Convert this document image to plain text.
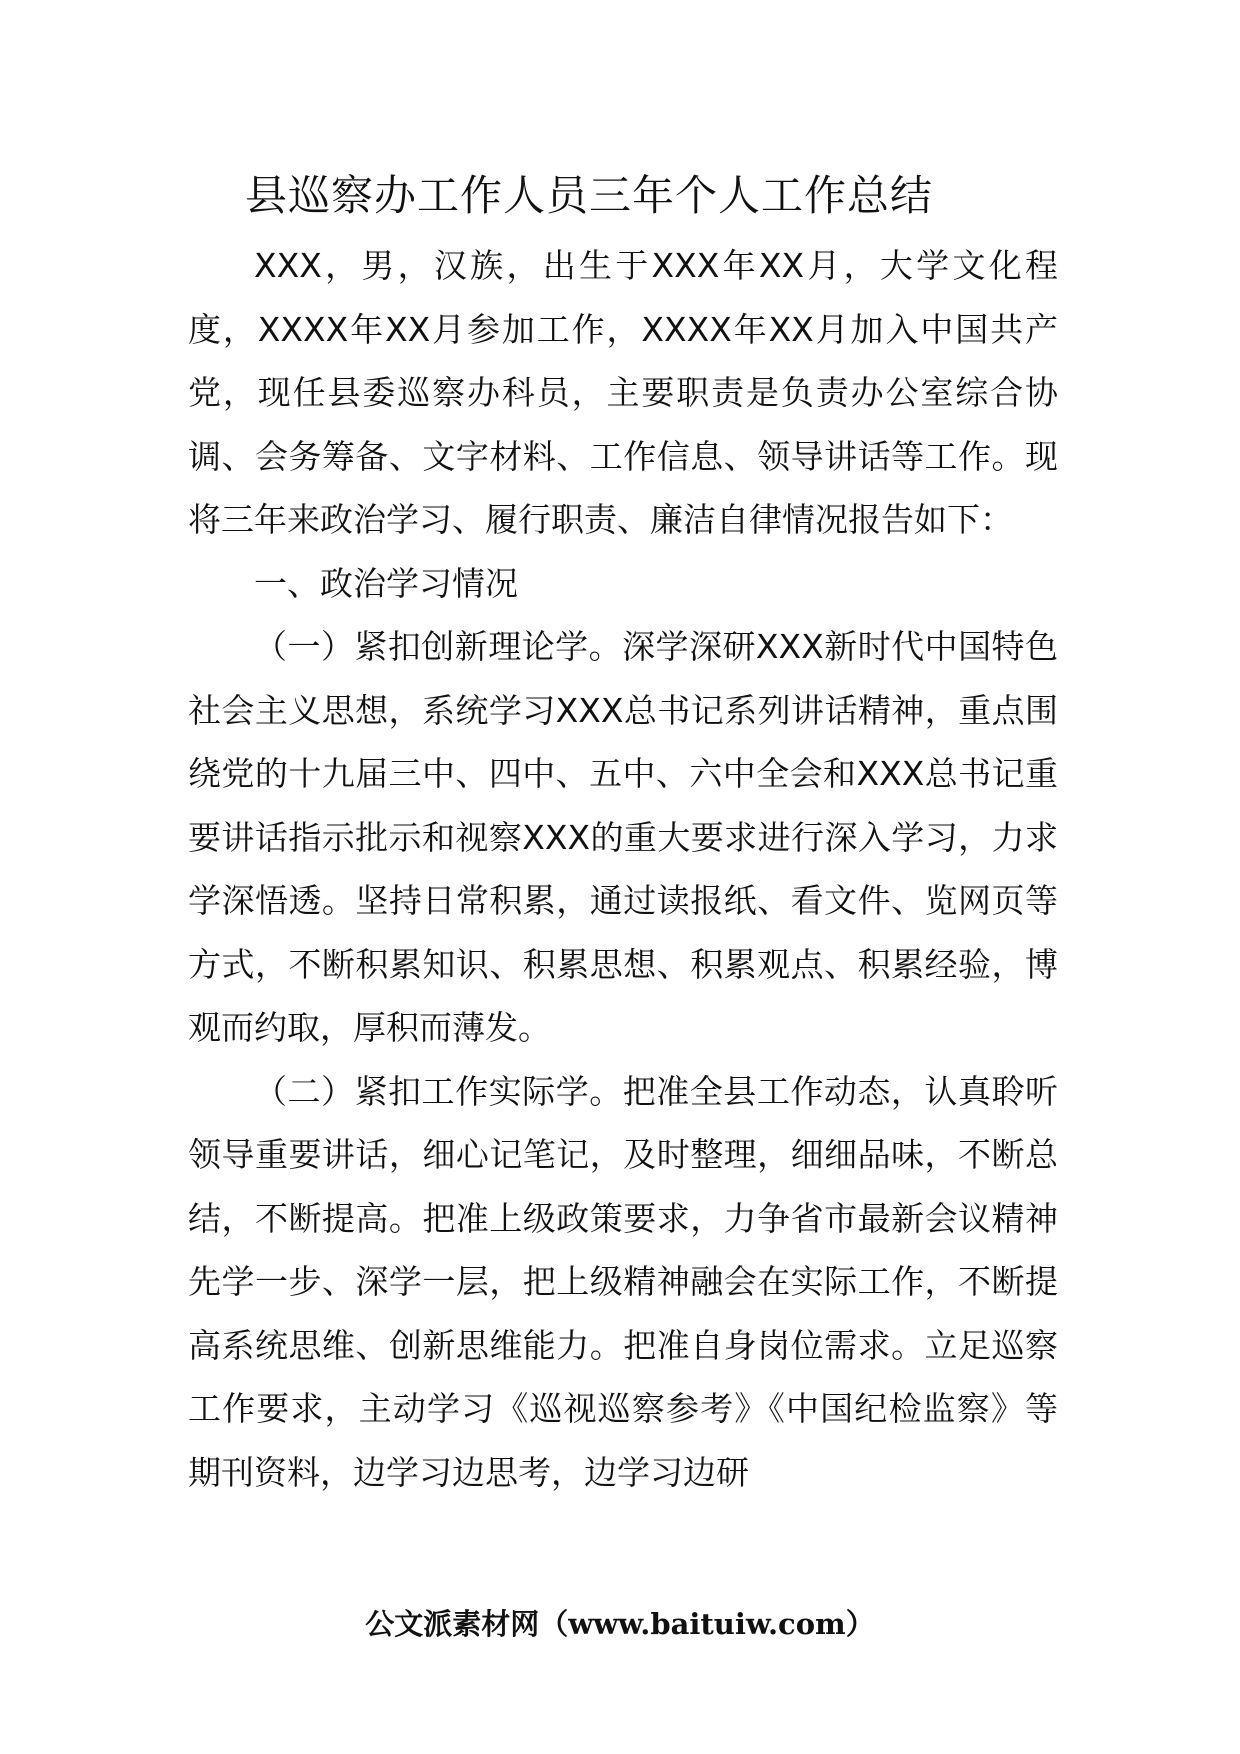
县巡察办工作人员三年个人工作总结

XXX，男，汉族，出生于XXX年XX月，大学文化程度，XXXX年XX月参加工作，XXXX年XX月加入中国共产党，现任县委巡察办科员，主要职责是负责办公室综合协调、会务筹备、文字材料、工作信息、领导讲话等工作。现将三年来政治学习、履行职责、廉洁自律情况报告如下：

一、政治学习情况

（一）紧扣创新理论学。深学深研XXX新时代中国特色社会主义思想，系统学习XXX总书记系列讲话精神，重点围绕党的十九届三中、四中、五中、六中全会和XXX总书记重要讲话指示批示和视察XXX的重大要求进行深入学习，力求学深悟透。坚持日常积累，通过读报纸、看文件、览网页等方式，不断积累知识、积累思想、积累观点、积累经验，博观而约取，厚积而薄发。

（二）紧扣工作实际学。把准全县工作动态，认真聆听领导重要讲话，细心记笔记，及时整理，细细品味，不断总结，不断提高。把准上级政策要求，力争省市最新会议精神先学一步、深学一层，把上级精神融会在实际工作，不断提高系统思维、创新思维能力。把准自身岗位需求。立足巡察工作要求，主动学习《巡视巡察参考》《中国纪检监察》等期刊资料，边学习边思考，边学习边研

公文派素材网（www.baituiw.com）
